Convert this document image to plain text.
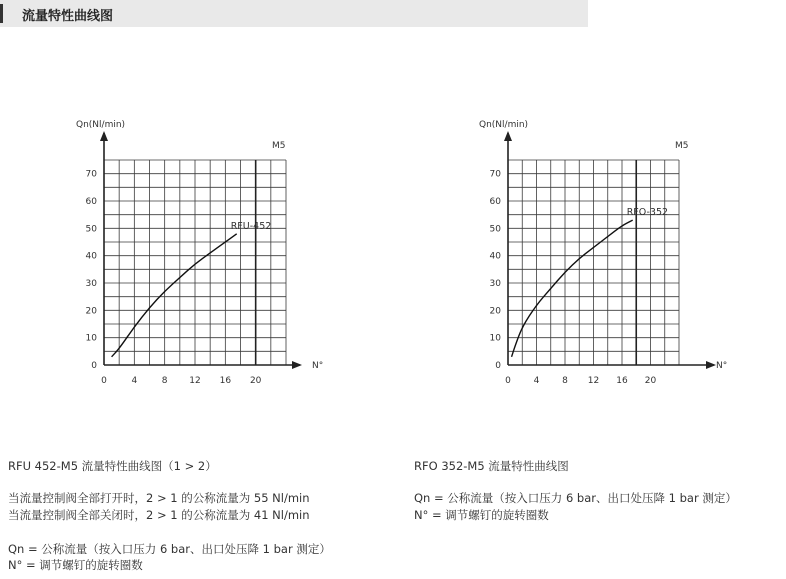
流量特性曲线图
Qn(Nl/min)
N°
M5
0
10
20
30
40
50
60
70
0	4	8 12 16 20
RFU-452
Qn(Nl/min)
N°
M5
0
10
20
30
40
50
60
70
0	4	8 12 16 20
RFO-352
RFU 452-M5 流量特性曲线图（1 > 2）	RFO 352-M5 流量特性曲线图
当流量控制阀全部打开时，2 > 1 的公称流量为 55 Nl/min
当流量控制阀全部关闭时，2 > 1 的公称流量为 41 Nl/min
Qn = 公称流量（按入口压力 6 bar、出口处压降 1 bar 测定）
N° = 调节螺钉的旋转圈数
Qn = 公称流量（按入口压力 6 bar、出口处压降 1 bar 测定）
N° = 调节螺钉的旋转圈数
